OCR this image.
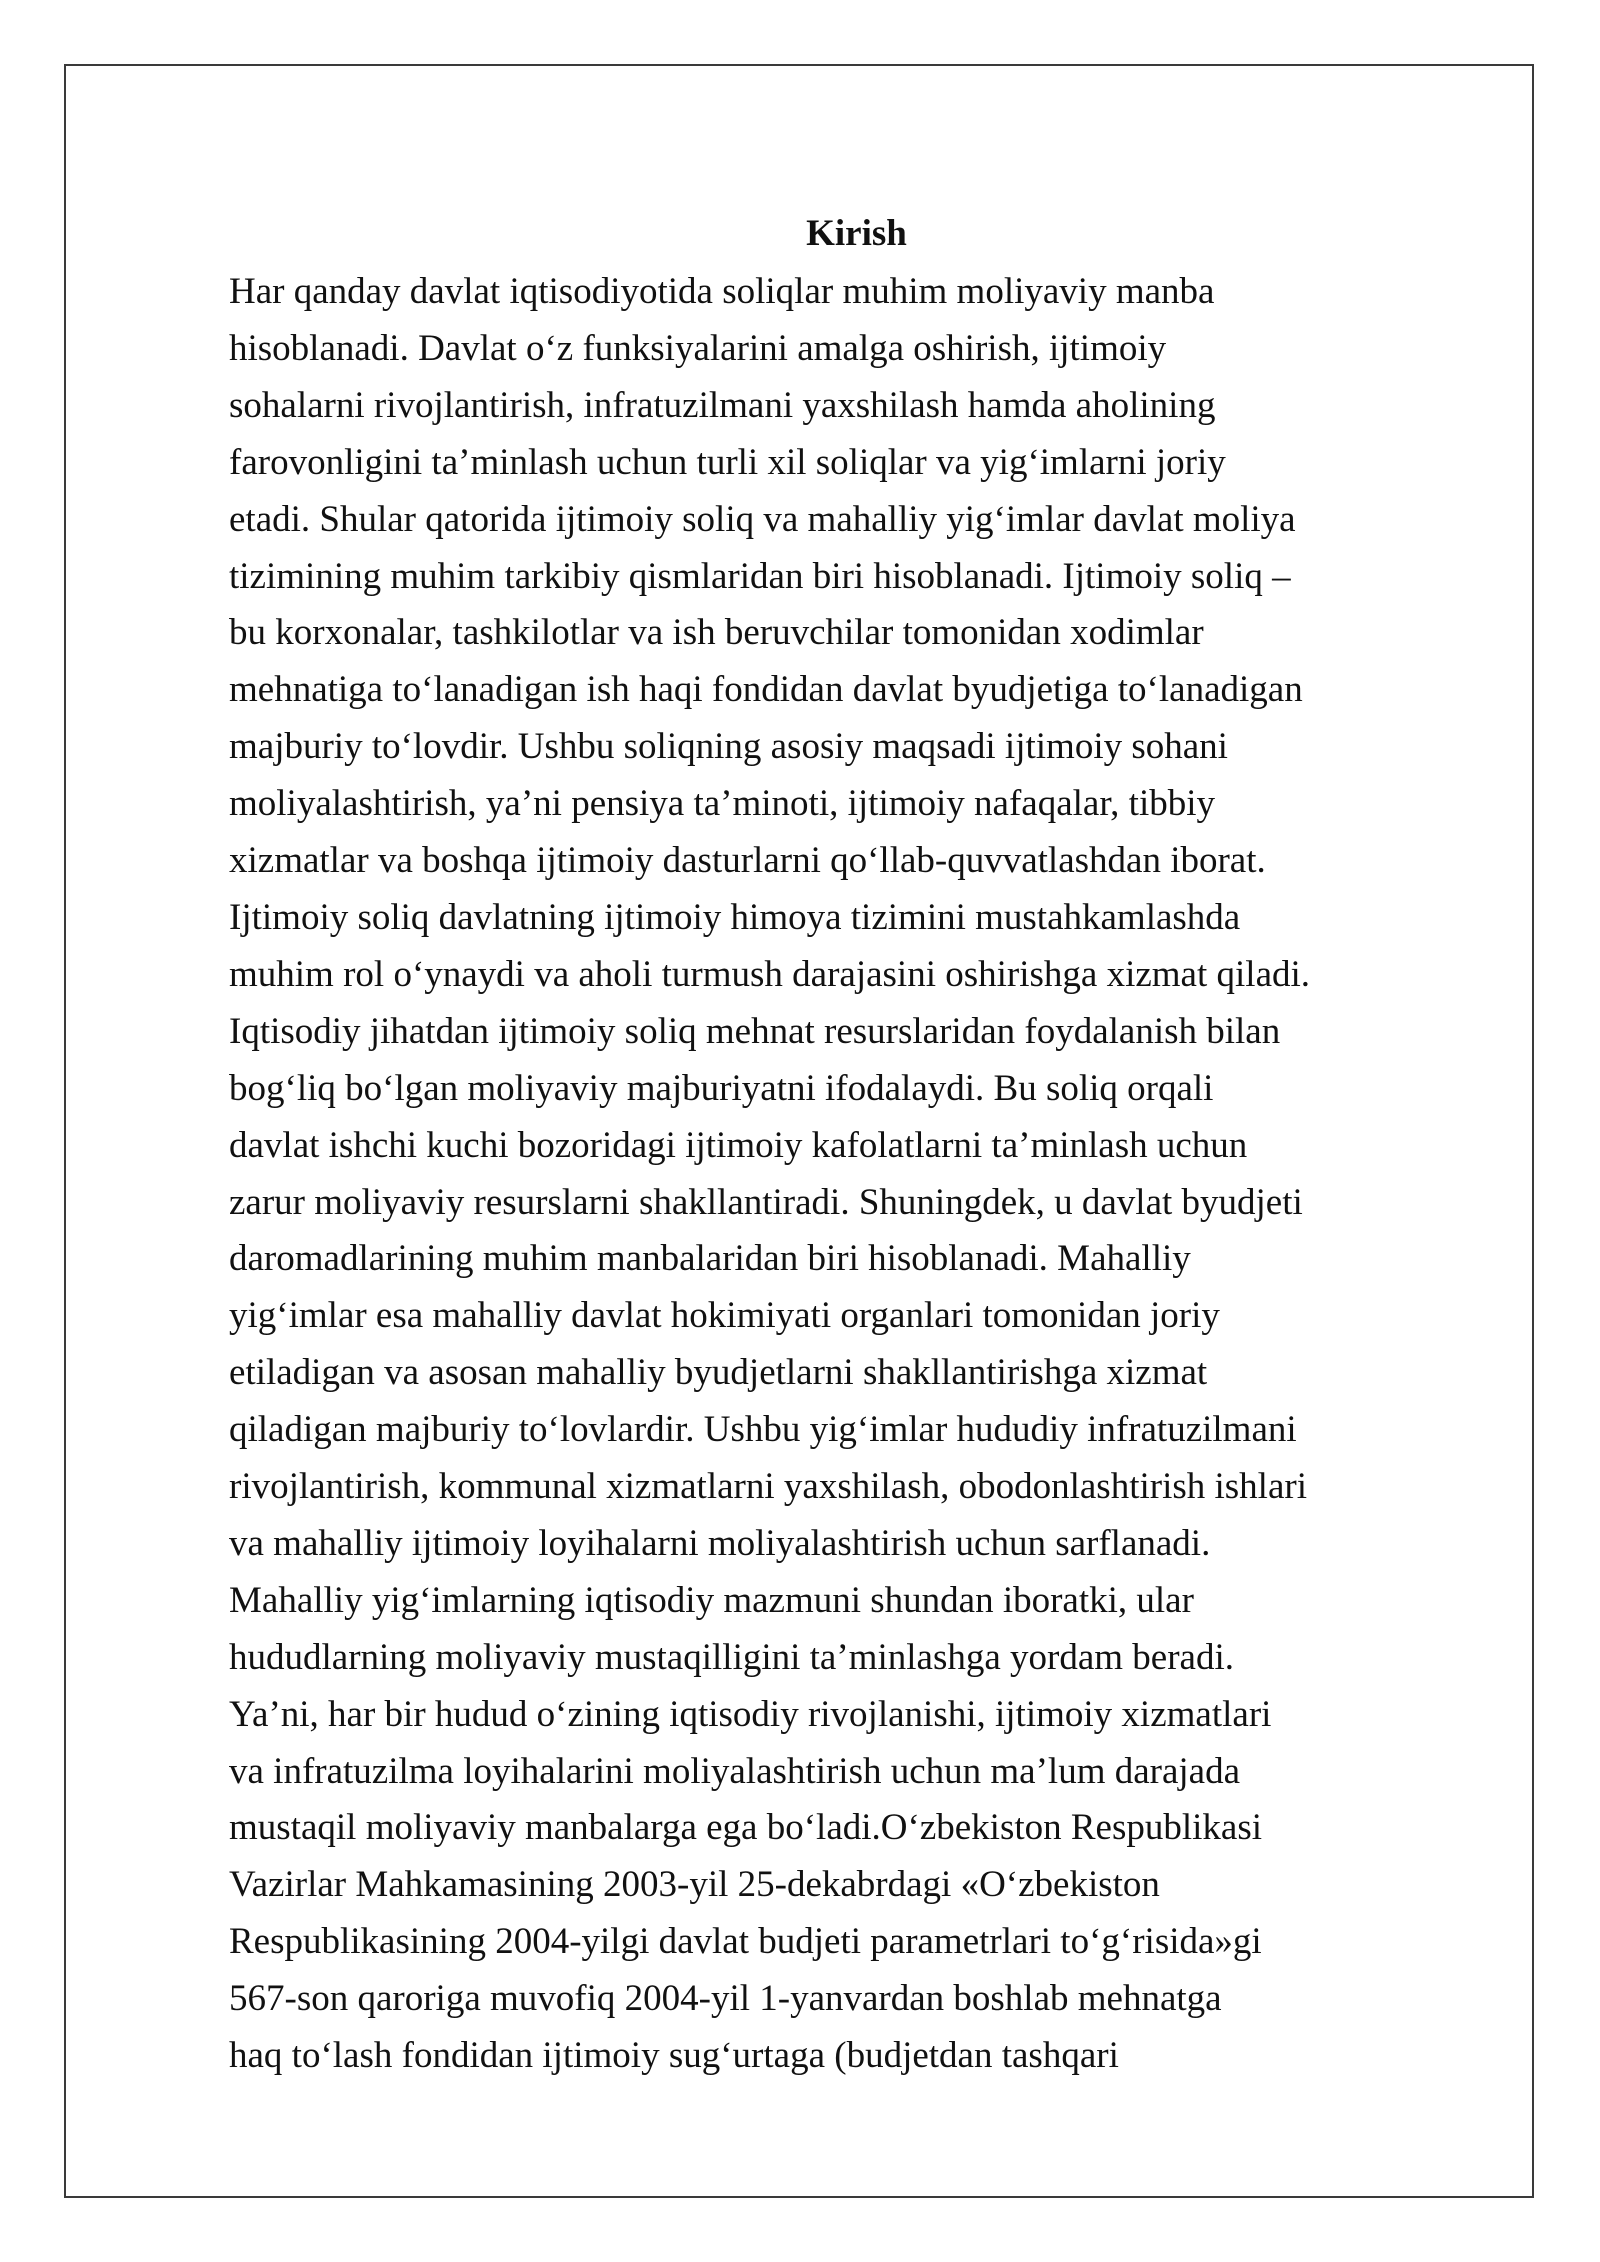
Kirish
Har qanday davlat iqtisodiyotida soliqlar muhim moliyaviy manba
hisoblanadi. Davlat o‘z funksiyalarini amalga oshirish, ijtimoiy
sohalarni rivojlantirish, infratuzilmani yaxshilash hamda aholining
farovonligini ta’minlash uchun turli xil soliqlar va yig‘imlarni joriy
etadi. Shular qatorida ijtimoiy soliq va mahalliy yig‘imlar davlat moliya
tizimining muhim tarkibiy qismlaridan biri hisoblanadi. Ijtimoiy soliq –
bu korxonalar, tashkilotlar va ish beruvchilar tomonidan xodimlar
mehnatiga to‘lanadigan ish haqi fondidan davlat byudjetiga to‘lanadigan
majburiy to‘lovdir. Ushbu soliqning asosiy maqsadi ijtimoiy sohani
moliyalashtirish, ya’ni pensiya ta’minoti, ijtimoiy nafaqalar, tibbiy
xizmatlar va boshqa ijtimoiy dasturlarni qo‘llab-quvvatlashdan iborat.
Ijtimoiy soliq davlatning ijtimoiy himoya tizimini mustahkamlashda
muhim rol o‘ynaydi va aholi turmush darajasini oshirishga xizmat qiladi.
Iqtisodiy jihatdan ijtimoiy soliq mehnat resurslaridan foydalanish bilan
bog‘liq bo‘lgan moliyaviy majburiyatni ifodalaydi. Bu soliq orqali
davlat ishchi kuchi bozoridagi ijtimoiy kafolatlarni ta’minlash uchun
zarur moliyaviy resurslarni shakllantiradi. Shuningdek, u davlat byudjeti
daromadlarining muhim manbalaridan biri hisoblanadi. Mahalliy
yig‘imlar esa mahalliy davlat hokimiyati organlari tomonidan joriy
etiladigan va asosan mahalliy byudjetlarni shakllantirishga xizmat
qiladigan majburiy to‘lovlardir. Ushbu yig‘imlar hududiy infratuzilmani
rivojlantirish, kommunal xizmatlarni yaxshilash, obodonlashtirish ishlari
va mahalliy ijtimoiy loyihalarni moliyalashtirish uchun sarflanadi.
Mahalliy yig‘imlarning iqtisodiy mazmuni shundan iboratki, ular
hududlarning moliyaviy mustaqilligini ta’minlashga yordam beradi.
Ya’ni, har bir hudud o‘zining iqtisodiy rivojlanishi, ijtimoiy xizmatlari
va infratuzilma loyihalarini moliyalashtirish uchun ma’lum darajada
mustaqil moliyaviy manbalarga ega bo‘ladi.O‘zbekiston Respublikasi
Vazirlar Mahkamasining 2003-yil 25-dekabrdagi «O‘zbekiston
Respublikasining 2004-yilgi davlat budjeti parametrlari to‘g‘risida»gi
567-son qaroriga muvofiq 2004-yil 1-yanvardan boshlab mehnatga
haq to‘lash fondidan ijtimoiy sug‘urtaga (budjetdan tashqari
